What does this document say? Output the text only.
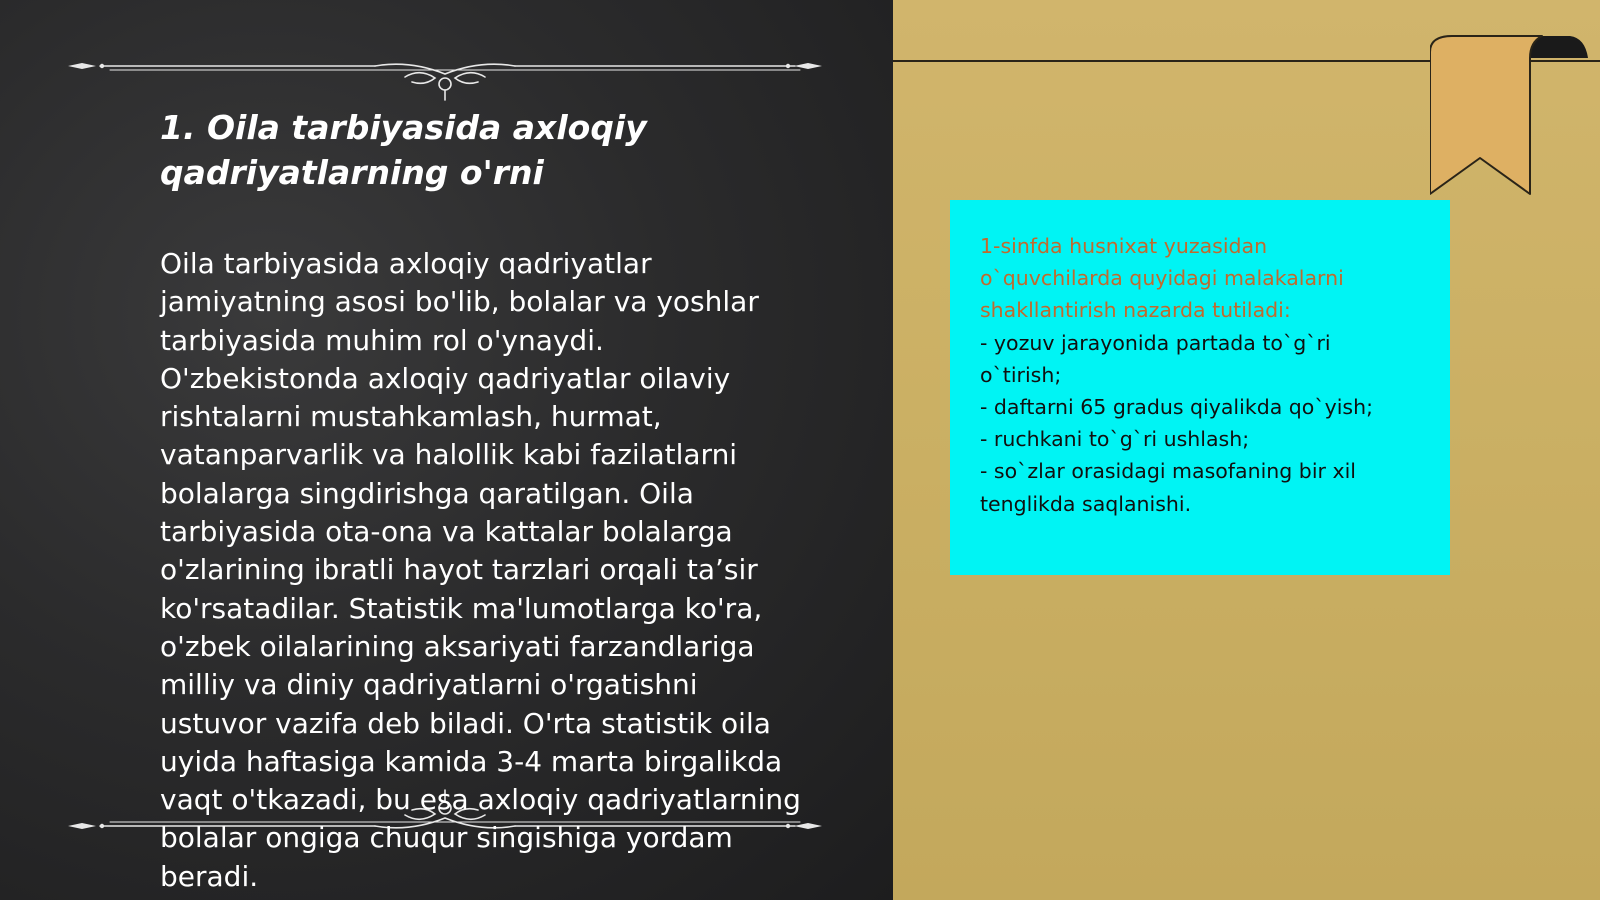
1. Oila tarbiyasida axloqiy
qadriyatlarning o'rni

Oila tarbiyasida axloqiy qadriyatlar
jamiyatning asosi bo'lib, bolalar va yoshlar
tarbiyasida muhim rol o'ynaydi.
O'zbekistonda axloqiy qadriyatlar oilaviy
rishtalarni mustahkamlash, hurmat,
vatanparvarlik va halollik kabi fazilatlarni
bolalarga singdirishga qaratilgan. Oila
tarbiyasida ota-ona va kattalar bolalarga
o'zlarining ibratli hayot tarzlari orqali ta’sir
ko'rsatadilar. Statistik ma'lumotlarga ko'ra,
o'zbek oilalarining aksariyati farzandlariga
milliy va diniy qadriyatlarni o'rgatishni
ustuvor vazifa deb biladi. O'rta statistik oila
uyida haftasiga kamida 3-4 marta birgalikda
vaqt o'tkazadi, bu esa axloqiy qadriyatlarning
bolalar ongiga chuqur singishiga yordam
beradi.

1-sinfda husnixat yuzasidan
o`quvchilarda quyidagi malakalarni
shakllantirish nazarda tutiladi:
- yozuv jarayonida partada to`g`ri
o`tirish;
- daftarni 65 gradus qiyalikda qo`yish;
- ruchkani to`g`ri ushlash;
- so`zlar orasidagi masofaning bir xil
tenglikda saqlanishi.
